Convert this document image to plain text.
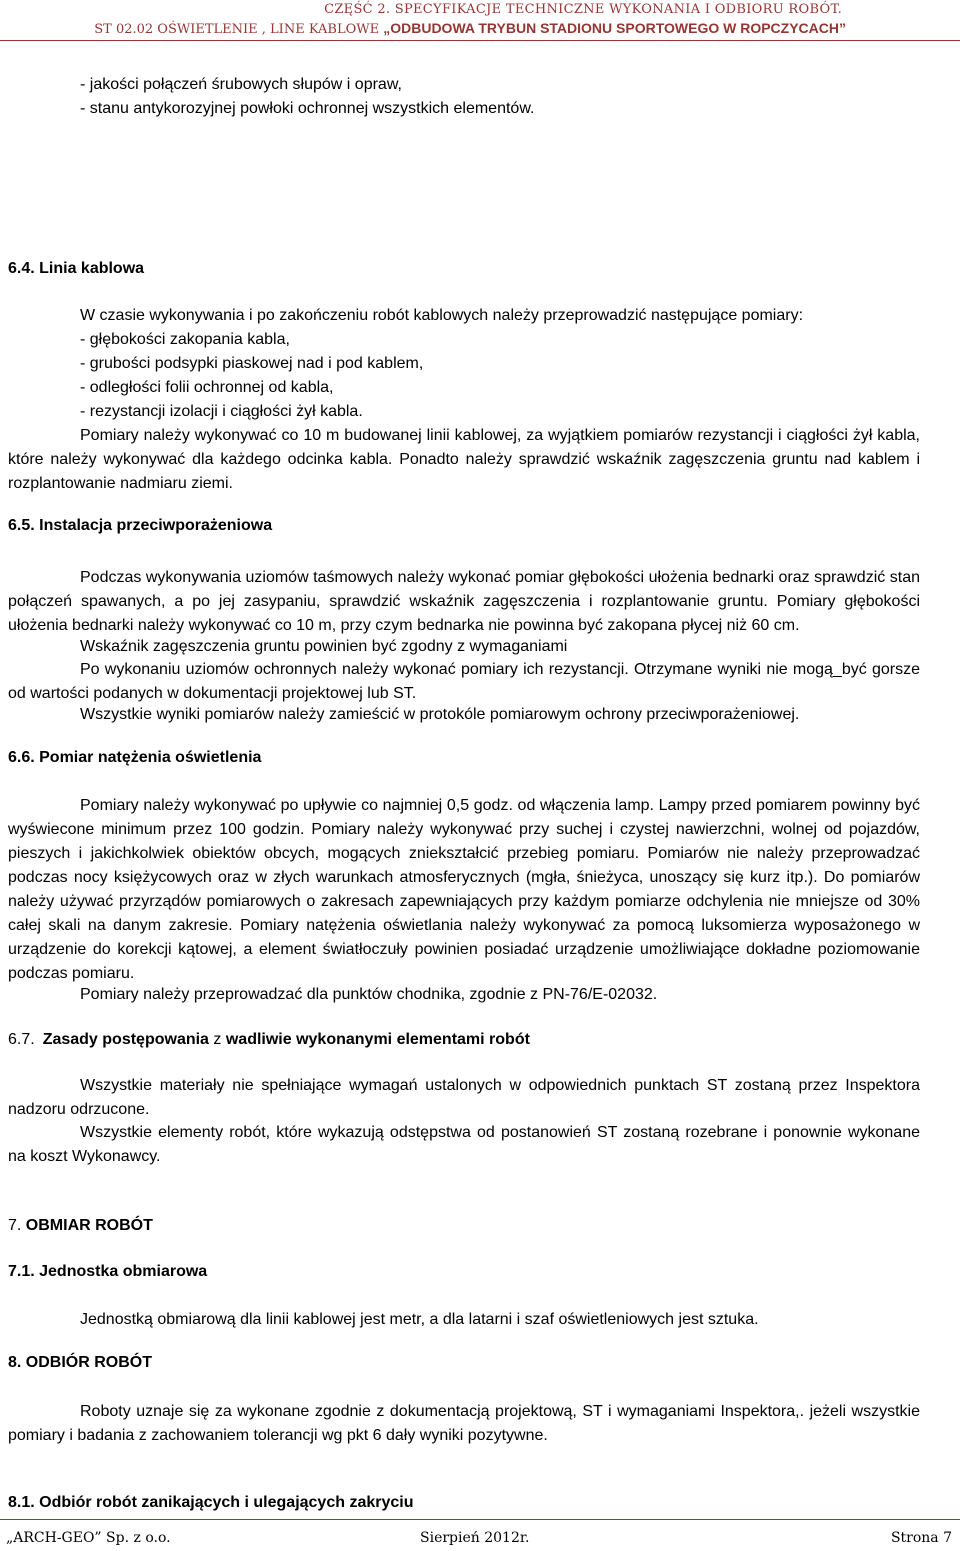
CZĘŚĆ 2. SPECYFIKACJE TECHNICZNE WYKONANIA I ODBIORU ROBÓT.
ST 02.02 OŚWIETLENIE , LINE KABLOWE „ODBUDOWA TRYBUN STADIONU SPORTOWEGO W ROPCZYCACH”
- jakości połączeń śrubowych słupów i opraw,
- stanu antykorozyjnej powłoki ochronnej wszystkich elementów.
6.4. Linia kablowa
W czasie wykonywania i po zakończeniu robót kablowych należy przeprowadzić następujące pomiary:
- głębokości zakopania kabla,
- grubości podsypki piaskowej nad i pod kablem,
- odległości folii ochronnej od kabla,
- rezystancji izolacji i ciągłości żył kabla.
Pomiary należy wykonywać co 10 m budowanej linii kablowej, za wyjątkiem pomiarów rezystancji i ciągłości żył kabla, które należy wykonywać dla każdego odcinka kabla. Ponadto należy sprawdzić wskaźnik zagęszczenia gruntu nad kablem i rozplantowanie nadmiaru ziemi.
6.5. Instalacja przeciwporażeniowa
Podczas wykonywania uziomów taśmowych należy wykonać pomiar głębokości ułożenia bednarki oraz sprawdzić stan połączeń spawanych, a po jej zasypaniu, sprawdzić wskaźnik zagęszczenia i rozplantowanie gruntu. Pomiary głębokości ułożenia bednarki należy wykonywać co 10 m, przy czym bednarka nie powinna być zakopana płycej niż 60 cm.
Wskaźnik zagęszczenia gruntu powinien być zgodny z wymaganiami
Po wykonaniu uziomów ochronnych należy wykonać pomiary ich rezystancji. Otrzymane wyniki nie mogą_być gorsze od wartości podanych w dokumentacji projektowej lub ST.
Wszystkie wyniki pomiarów należy zamieścić w protokóle pomiarowym ochrony przeciwporażeniowej.
6.6. Pomiar natężenia oświetlenia
Pomiary należy wykonywać po upływie co najmniej 0,5 godz. od włączenia lamp. Lampy przed pomiarem powinny być wyświecone minimum przez 100 godzin. Pomiary należy wykonywać przy suchej i czystej nawierzchni, wolnej od pojazdów, pieszych i jakichkolwiek obiektów obcych, mogących zniekształcić przebieg pomiaru. Pomiarów nie należy przeprowadzać podczas nocy księżycowych oraz w złych warunkach atmosferycznych (mgła, śnieżyca, unoszący się kurz itp.). Do pomiarów należy używać przyrządów pomiarowych o zakresach zapewniających przy każdym pomiarze odchylenia nie mniejsze od 30% całej skali na danym zakresie. Pomiary natężenia oświetlania należy wykonywać za pomocą luksomierza wyposażonego w urządzenie do korekcji kątowej, a element światłoczuły powinien posiadać urządzenie umożliwiające dokładne poziomowanie podczas pomiaru.
Pomiary należy przeprowadzać dla punktów chodnika, zgodnie z PN-76/E-02032.
6.7. Zasady postępowania z wadliwie wykonanymi elementami robót
Wszystkie materiały nie spełniające wymagań ustalonych w odpowiednich punktach ST zostaną przez Inspektora nadzoru odrzucone.
Wszystkie elementy robót, które wykazują odstępstwa od postanowień ST zostaną rozebrane i ponownie wykonane na koszt Wykonawcy.
7. OBMIAR ROBÓT
7.1. Jednostka obmiarowa
Jednostką obmiarową dla linii kablowej jest metr, a dla latarni i szaf oświetleniowych jest sztuka.
8. ODBIÓR ROBÓT
Roboty uznaje się za wykonane zgodnie z dokumentacją projektową, ST i wymaganiami Inspektora,. jeżeli wszystkie pomiary i badania z zachowaniem tolerancji wg pkt 6 dały wyniki pozytywne.
8.1. Odbiór robót zanikających i ulegających zakryciu
„ARCH-GEO” Sp. z o.o.	Sierpień 2012r.	Strona 7
